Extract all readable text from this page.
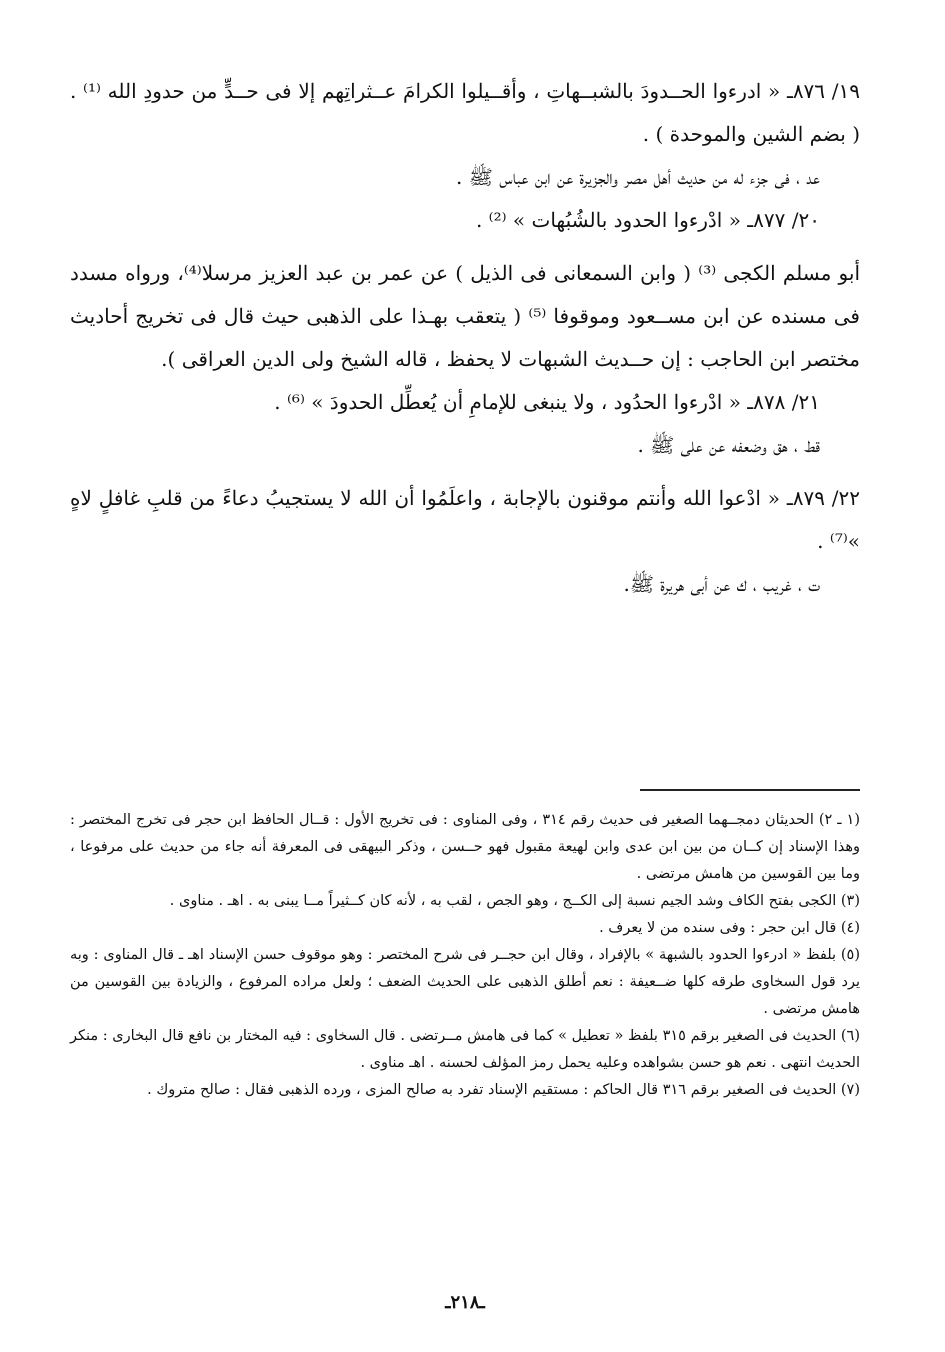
١٩/ ٨٧٦ـ « ادرءوا الحــدودَ بالشبــهاتِ ، وأقــيلوا الكرامَ عــثراتِهم إلا فى حــدٍّ من حدودِ الله ⁽¹⁾ . ( بضم الشين والموحدة ) .

عد ، فى جزء له من حديث أهل مصر والجزيرة عن ابن عباس ﷺ .

٢٠/ ٨٧٧ـ « ادْرءوا الحدود بالشُبُهات » ⁽²⁾ .

أبو مسلم الكجى ⁽³⁾ ( وابن السمعانى فى الذيل ) عن عمر بن عبد العزيز مرسلا⁽⁴⁾، ورواه مسدد فى مسنده عن ابن مســعود وموقوفا ⁽⁵⁾ ( يتعقب بهـذا على الذهبى حيث قال فى تخريج أحاديث مختصر ابن الحاجب : إن حــديث الشبهات لا يحفظ ، قاله الشيخ ولى الدين العراقى ).

٢١/ ٨٧٨ـ « ادْرءوا الحدُود ، ولا ينبغى للإمامِ أن يُعطِّل الحدودَ » ⁽⁶⁾ .

قط ، هق وضعفه عن على ﷺ .

٢٢/ ٨٧٩ـ « ادْعوا الله وأنتم موقنون بالإجابة ، واعلَمُوا أن الله لا يستجيبُ دعاءً من قلبِ غافلٍ لاهٍ »⁽⁷⁾ .

ت ، غريب ، ك عن أبى هريرة ﷺ.

(١ ـ ٢) الحديثان دمجــهما الصغير فى حديث رقم ٣١٤ ، وفى المناوى : فى تخريج الأول : قــال الحافظ ابن حجر فى تخرج المختصر : وهذا الإسناد إن كــان من بين ابن عدى وابن لهيعة مقبول فهو حــسن ، وذكر البيهقى فى المعرفة أنه جاء من حديث على مرفوعا ، وما بين القوسين من هامش مرتضى .

(٣) الكجى بفتح الكاف وشد الجيم نسبة إلى الكــج ، وهو الجص ، لقب به ، لأنه كان كــثيراً مــا يبنى به . اهـ . مناوى .

(٤) قال ابن حجر : وفى سنده من لا يعرف .

(٥) بلفظ « ادرءوا الحدود بالشبهة » بالإفراد ، وقال ابن حجــر فى شرح المختصر : وهو موقوف حسن الإسناد اهـ ـ قال المناوى : وبه يرد قول السخاوى طرقه كلها ضــعيفة : نعم أطلق الذهبى على الحديث الضعف ؛ ولعل مراده المرفوع ، والزيادة بين القوسين من هامش مرتضى .

(٦) الحديث فى الصغير برقم ٣١٥ بلفظ « تعطيل » كما فى هامش مــرتضى . قال السخاوى : فيه المختار بن نافع قال البخارى : منكر الحديث انتهى . نعم هو حسن بشواهده وعليه يحمل رمز المؤلف لحسنه . اهـ مناوى .

(٧) الحديث فى الصغير برقم ٣١٦ قال الحاكم : مستقيم الإسناد تفرد به صالح المزى ، ورده الذهبى فقال : صالح متروك .

ـ٢١٨ـ
